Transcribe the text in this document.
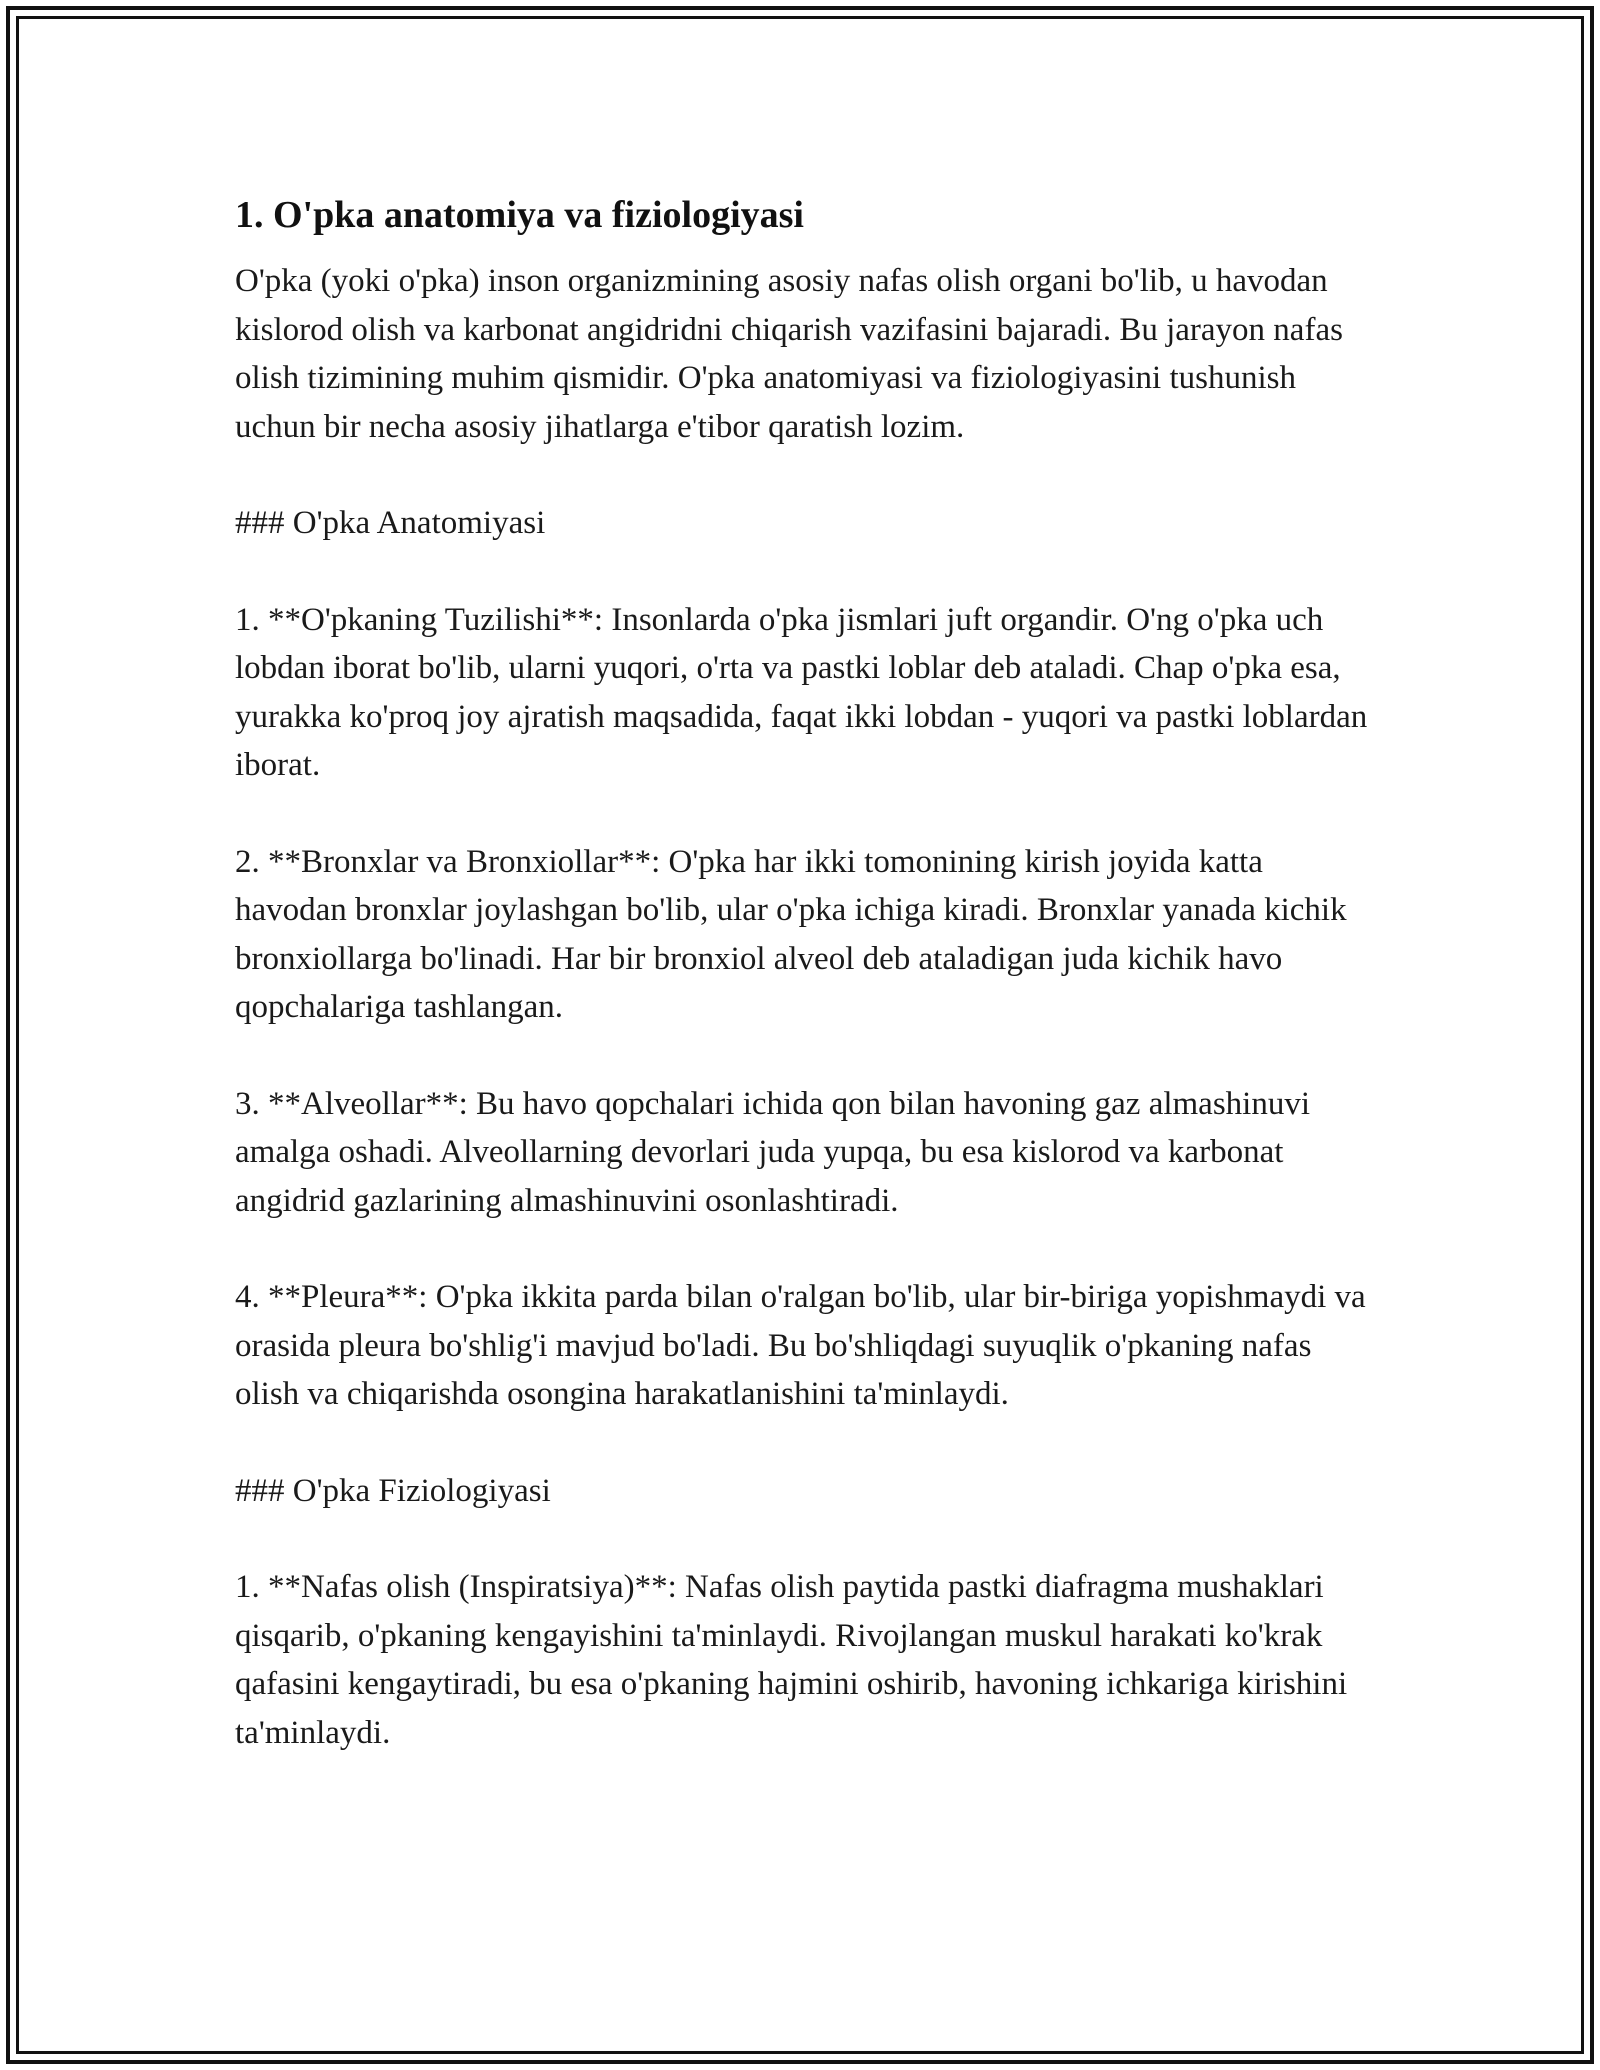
1. O'pka anatomiya va fiziologiyasi

O'pka (yoki o'pka) inson organizmining asosiy nafas olish organi bo'lib, u havodan kislorod olish va karbonat angidridni chiqarish vazifasini bajaradi. Bu jarayon nafas olish tizimining muhim qismidir. O'pka anatomiyasi va fiziologiyasini tushunish uchun bir necha asosiy jihatlarga e'tibor qaratish lozim.

### O'pka Anatomiyasi

1. **O'pkaning Tuzilishi**: Insonlarda o'pka jismlari juft organdir. O'ng o'pka uch lobdan iborat bo'lib, ularni yuqori, o'rta va pastki loblar deb ataladi. Chap o'pka esa, yurakka ko'proq joy ajratish maqsadida, faqat ikki lobdan - yuqori va pastki loblardan iborat.

2. **Bronxlar va Bronxiollar**: O'pka har ikki tomonining kirish joyida katta havodan bronxlar joylashgan bo'lib, ular o'pka ichiga kiradi. Bronxlar yanada kichik bronxiollarga bo'linadi. Har bir bronxiol alveol deb ataladigan juda kichik havo qopchalariga tashlangan.

3. **Alveollar**: Bu havo qopchalari ichida qon bilan havoning gaz almashinuvi amalga oshadi. Alveollarning devorlari juda yupqa, bu esa kislorod va karbonat angidrid gazlarining almashinuvini osonlashtiradi.

4. **Pleura**: O'pka ikkita parda bilan o'ralgan bo'lib, ular bir-biriga yopishmaydi va orasida pleura bo'shlig'i mavjud bo'ladi. Bu bo'shliqdagi suyuqlik o'pkaning nafas olish va chiqarishda osongina harakatlanishini ta'minlaydi.

### O'pka Fiziologiyasi

1. **Nafas olish (Inspiratsiya)**: Nafas olish paytida pastki diafragma mushaklari qisqarib, o'pkaning kengayishini ta'minlaydi. Rivojlangan muskul harakati ko'krak qafasini kengaytiradi, bu esa o'pkaning hajmini oshirib, havoning ichkariga kirishini ta'minlaydi.
